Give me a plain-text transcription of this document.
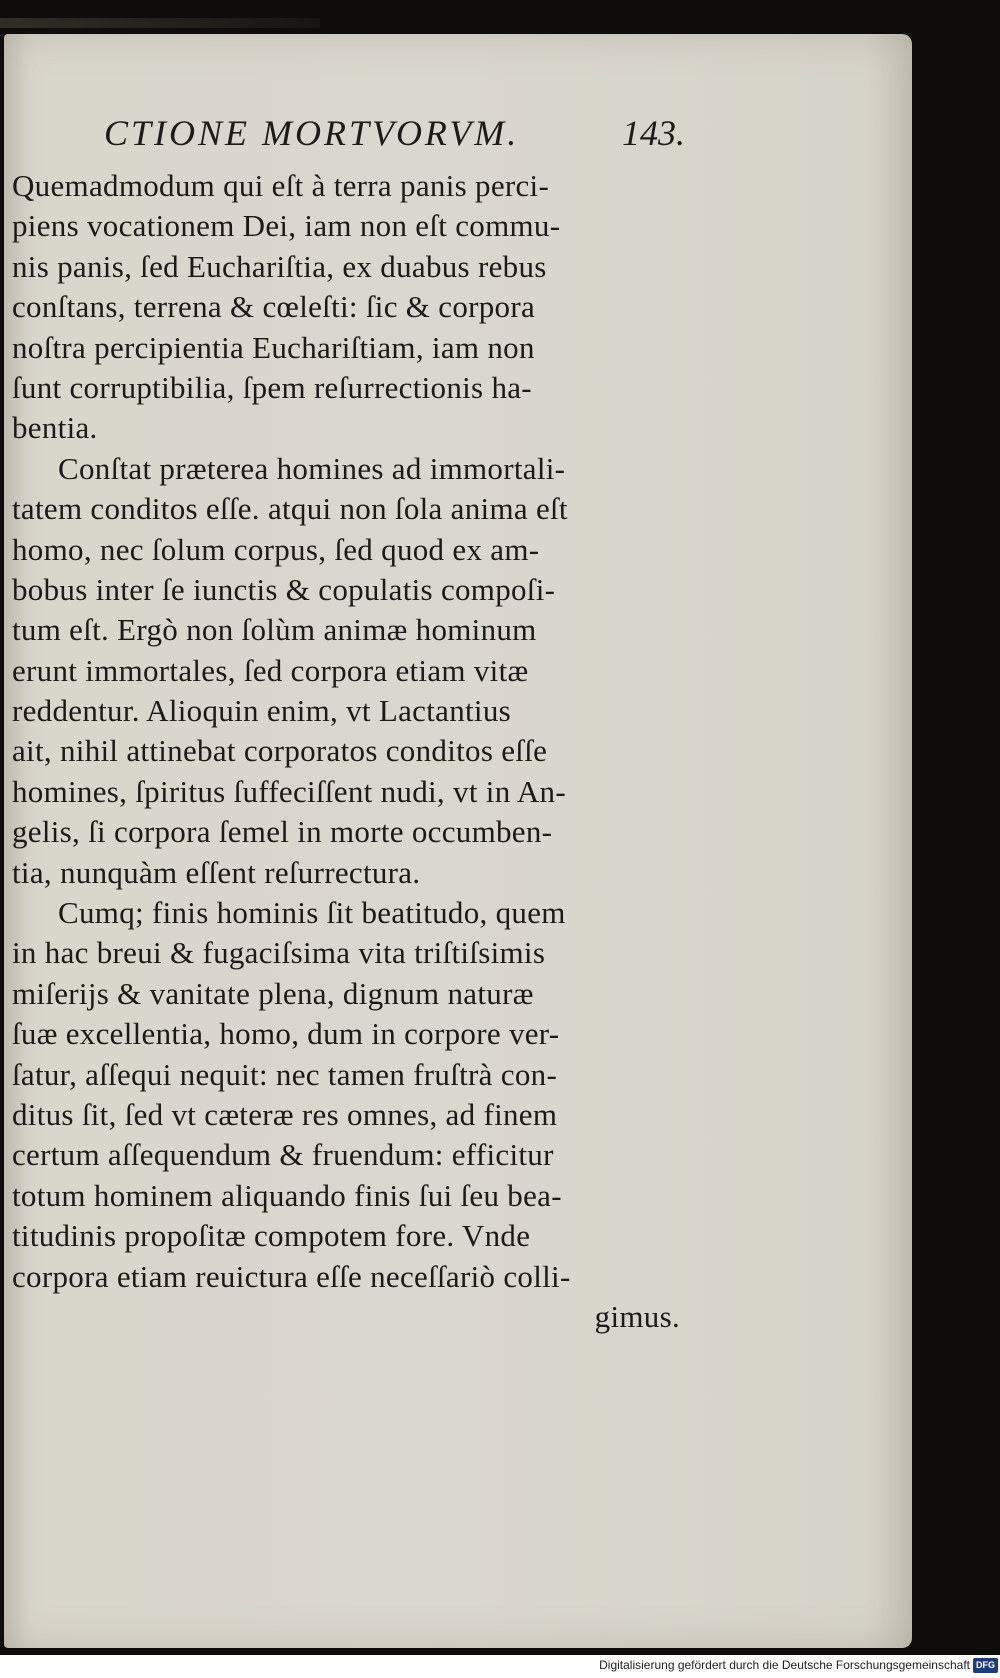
CTIONE MORTVORVM.	143.
Quemadmodum qui eſt à terra panis perci-
piens vocationem Dei, iam non eſt commu-
nis panis, ſed Euchariſtia, ex duabus rebus
conſtans, terrena & cœleſti: ſic & corpora
noſtra percipientia Euchariſtiam, iam non
ſunt corruptibilia, ſpem reſurrectionis ha-
bentia.
Conſtat præterea homines ad immortali-
tatem conditos eſſe. atqui non ſola anima eſt
homo, nec ſolum corpus, ſed quod ex am-
bobus inter ſe iunctis & copulatis compoſi-
tum eſt. Ergò non ſolùm animæ hominum
erunt immortales, ſed corpora etiam vitæ
reddentur. Alioquin enim, vt Lactantius
ait, nihil attinebat corporatos conditos eſſe
homines, ſpiritus ſuffeciſſent nudi, vt in An-
gelis, ſi corpora ſemel in morte occumben-
tia, nunquàm eſſent reſurrectura.
Cumq; finis hominis ſit beatitudo, quem
in hac breui & fugaciſsima vita triſtiſsimis
miſerijs & vanitate plena, dignum naturæ
ſuæ excellentia, homo, dum in corpore ver-
ſatur, aſſequi nequit: nec tamen fruſtrà con-
ditus ſit, ſed vt cæteræ res omnes, ad finem
certum aſſequendum & fruendum: efficitur
totum hominem aliquando finis ſui ſeu bea-
titudinis propoſitæ compotem fore. Vnde
corpora etiam reuictura eſſe neceſſariò colli-
gimus.
Digitalisierung gefördert durch die Deutsche Forschungsgemeinschaft DFG
